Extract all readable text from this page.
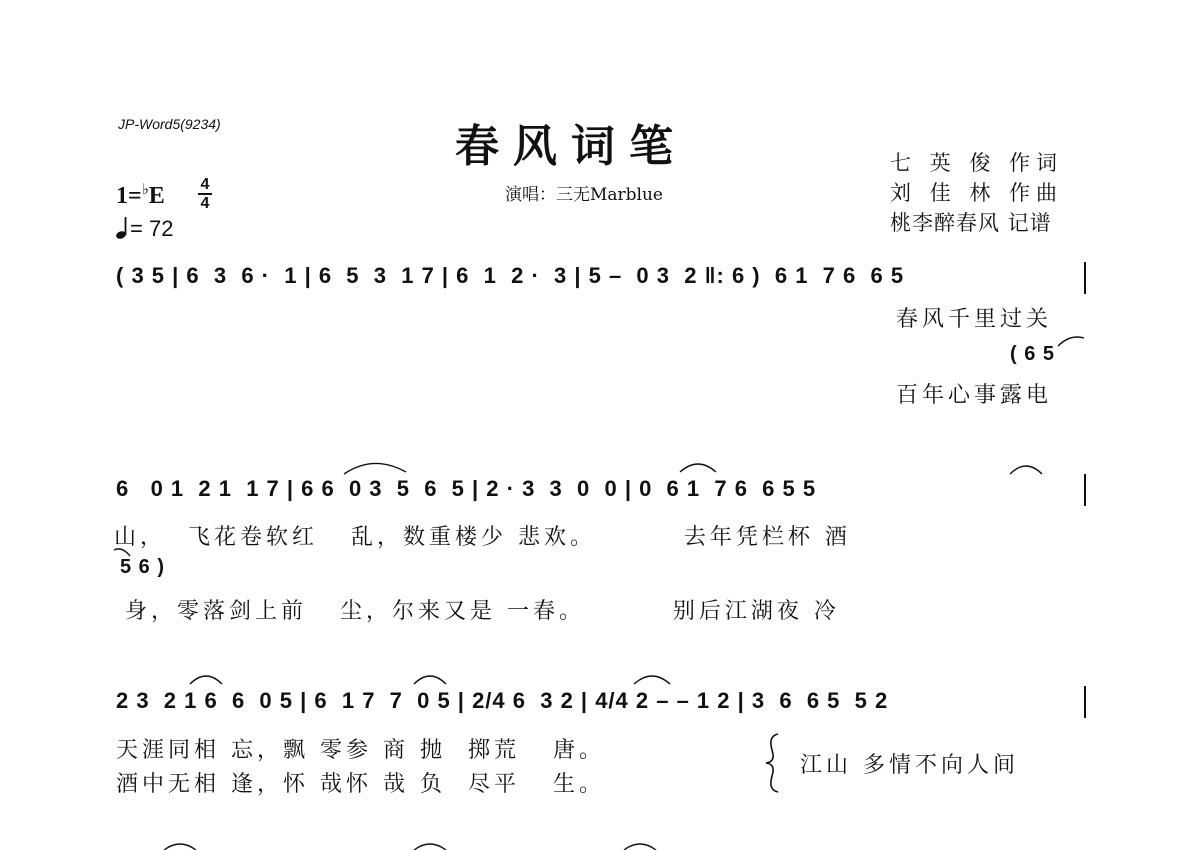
JP-Word5(9234)	春风词笔
演唱：三无Marblue
七 英 俊 作词
刘 佳 林 作曲
桃李醉春风 记谱
1=♭E 4
4
= 72
( 3 5 | 6  3  6 ·  1 | 6  5  3  1 7 | 6  1  2 ·  3 | 5 –  0 3  2 ‖: 6 )  6 1  7 6  6 5
春风千里过关
( 6 5
百年心事露电
6   0 1  2 1  1 7 | 6 6  0 3  5  6  5 | 2 · 3  3  0  0 | 0  6 1  7 6  6 5 5
山，  飞花卷软红   乱，数重楼少 悲欢。        去年凭栏杯 酒
5 6 )
身，零落剑上前   尘，尔来又是 一春。        别后江湖夜 冷
2 3  2 1 6  6  0 5 | 6  1 7  7  0 5 | 2/4 6  3 2 | 4/4 2 – – 1 2 | 3  6  6 5  5 2
天涯同相 忘，飘 零参 商 抛  掷荒   唐。
酒中无相 逢，怀 哉怀 哉 负  尽平   生。
江山 多情不向人间
